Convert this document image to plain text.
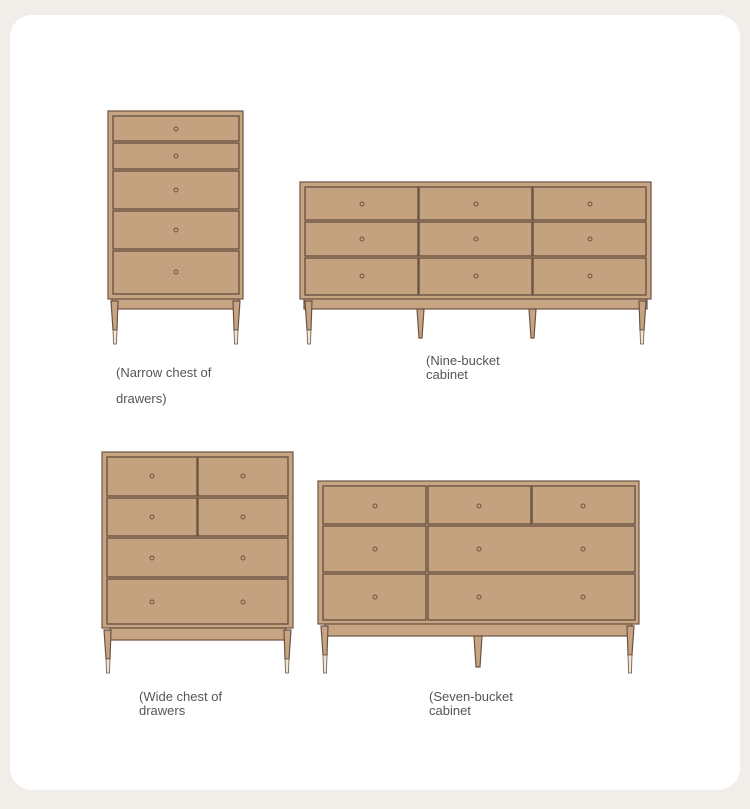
(Narrow chest of
drawers)

(Nine-bucket
cabinet

(Wide chest of
drawers

(Seven-bucket
cabinet
